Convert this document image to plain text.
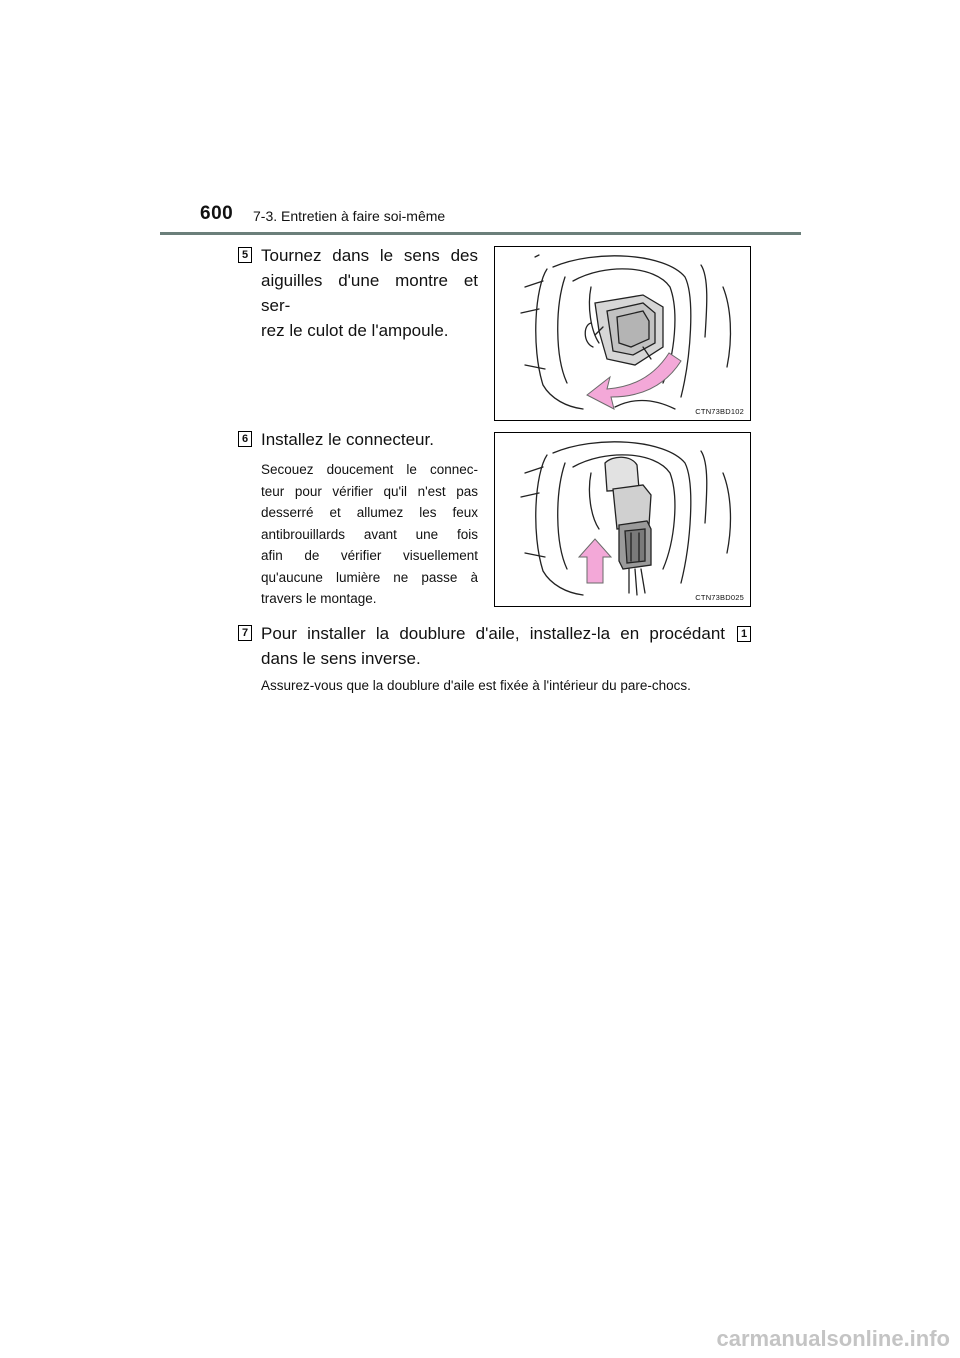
600 7-3. Entretien à faire soi-même
5 Tournez dans le sens des
aiguilles d'une montre et ser-
rez le culot de l'ampoule.
CTN73BD102
6 Installez le connecteur.
Secouez doucement le connec-
teur pour vérifier qu'il n'est pas
desserré et allumez les feux
antibrouillards avant une fois
afin de vérifier visuellement
qu'aucune lumière ne passe à
travers le montage.	CTN73BD025
7 Pour installer la doublure d'aile, installez-la en procédant	1
dans le sens inverse.
Assurez-vous que la doublure d'aile est fixée à l'intérieur du pare-chocs.
carmanualsonline.info
